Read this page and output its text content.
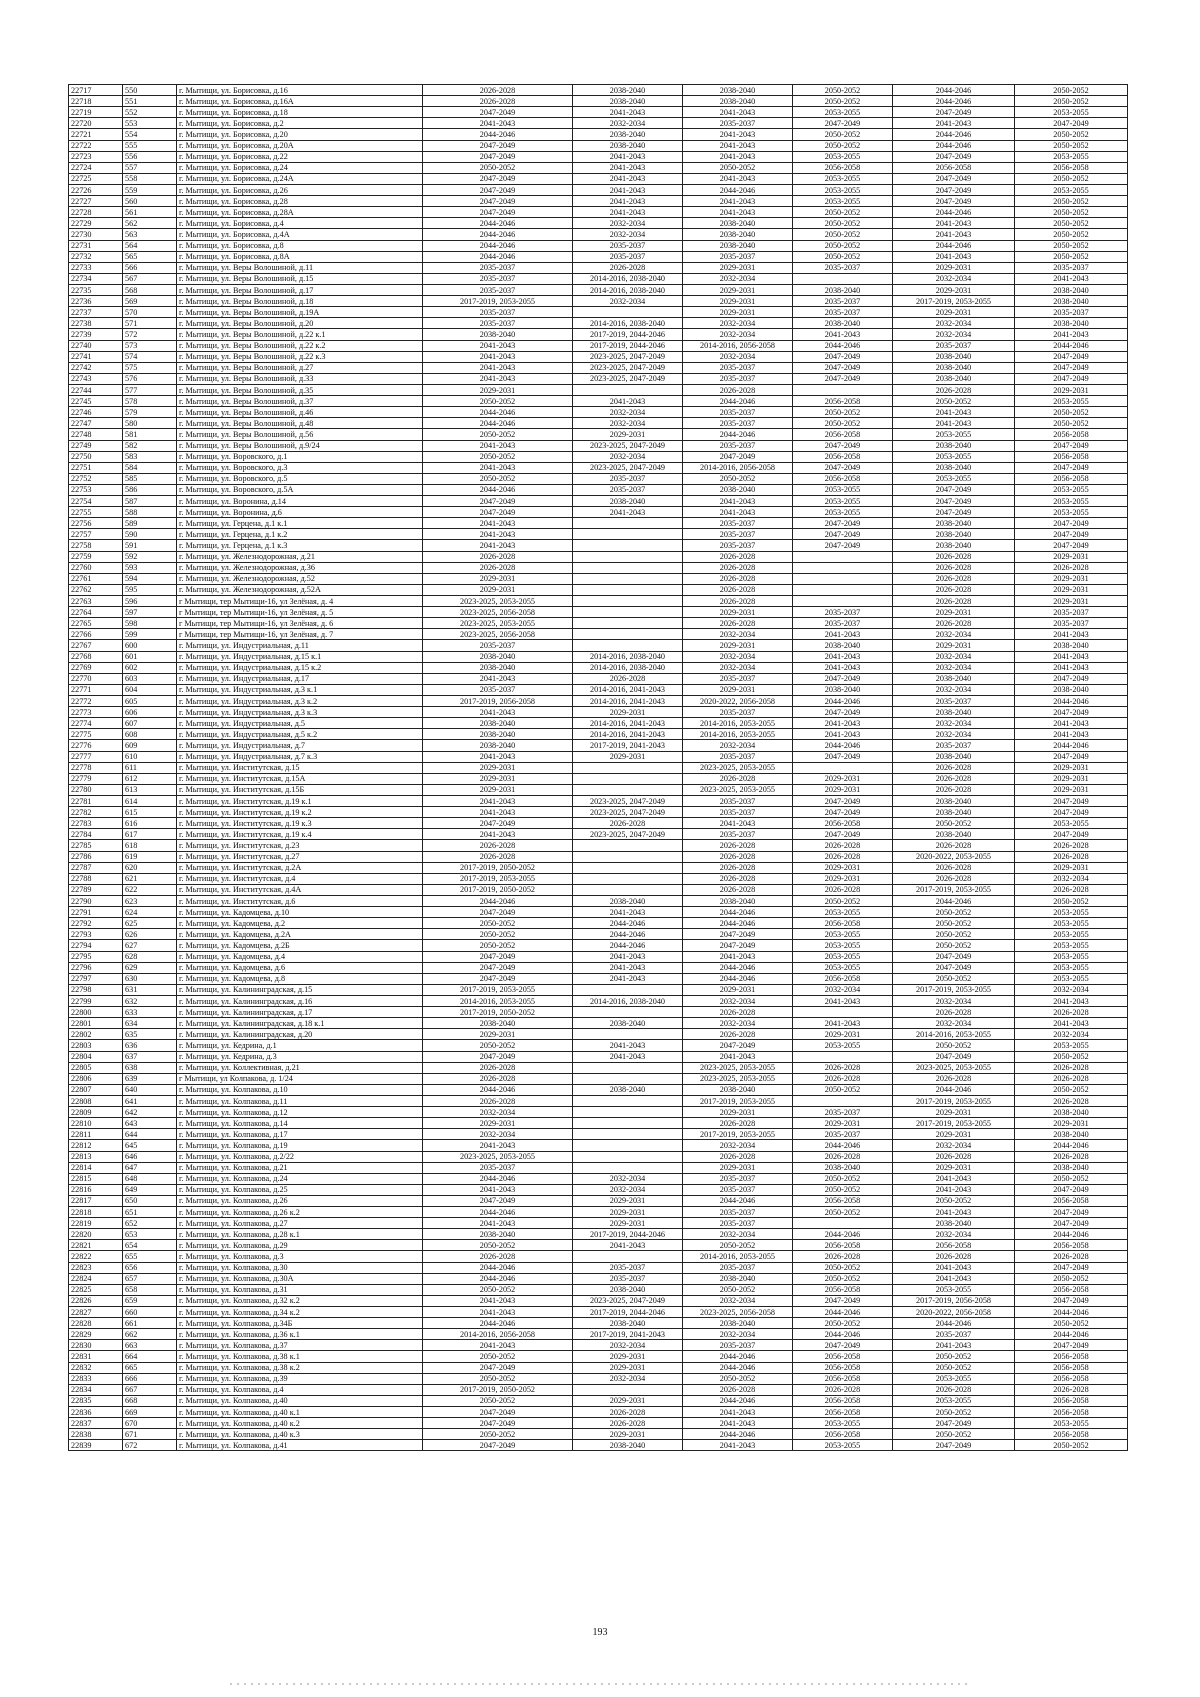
22717	550	г. Мытищи, ул. Борисовка, д.16	2026-2028	2038-2040	2038-2040	2050-2052	2044-2046	2050-2052
22718	551	г. Мытищи, ул. Борисовка, д.16А	2026-2028	2038-2040	2038-2040	2050-2052	2044-2046	2050-2052
22719	552	г. Мытищи, ул. Борисовка, д.18	2047-2049	2041-2043	2041-2043	2053-2055	2047-2049	2053-2055
22720	553	г. Мытищи, ул. Борисовка, д.2	2041-2043	2032-2034	2035-2037	2047-2049	2041-2043	2047-2049
22721	554	г. Мытищи, ул. Борисовка, д.20	2044-2046	2038-2040	2041-2043	2050-2052	2044-2046	2050-2052
22722	555	г. Мытищи, ул. Борисовка, д.20А	2047-2049	2038-2040	2041-2043	2050-2052	2044-2046	2050-2052
22723	556	г. Мытищи, ул. Борисовка, д.22	2047-2049	2041-2043	2041-2043	2053-2055	2047-2049	2053-2055
22724	557	г. Мытищи, ул. Борисовка, д.24	2050-2052	2041-2043	2050-2052	2056-2058	2056-2058	2056-2058
22725	558	г. Мытищи, ул. Борисовка, д.24А	2047-2049	2041-2043	2041-2043	2053-2055	2047-2049	2050-2052
22726	559	г. Мытищи, ул. Борисовка, д.26	2047-2049	2041-2043	2044-2046	2053-2055	2047-2049	2053-2055
22727	560	г. Мытищи, ул. Борисовка, д.28	2047-2049	2041-2043	2041-2043	2053-2055	2047-2049	2050-2052
22728	561	г. Мытищи, ул. Борисовка, д.28А	2047-2049	2041-2043	2041-2043	2050-2052	2044-2046	2050-2052
22729	562	г. Мытищи, ул. Борисовка, д.4	2044-2046	2032-2034	2038-2040	2050-2052	2041-2043	2050-2052
22730	563	г. Мытищи, ул. Борисовка, д.4А	2044-2046	2032-2034	2038-2040	2050-2052	2041-2043	2050-2052
22731	564	г. Мытищи, ул. Борисовка, д.8	2044-2046	2035-2037	2038-2040	2050-2052	2044-2046	2050-2052
22732	565	г. Мытищи, ул. Борисовка, д.8А	2044-2046	2035-2037	2035-2037	2050-2052	2041-2043	2050-2052
22733	566	г. Мытищи, ул. Веры Волошиной, д.11	2035-2037	2026-2028	2029-2031	2035-2037	2029-2031	2035-2037
22734	567	г. Мытищи, ул. Веры Волошиной, д.15	2035-2037	2014-2016, 2038-2040	2032-2034		2032-2034	2041-2043
22735	568	г. Мытищи, ул. Веры Волошиной, д.17	2035-2037	2014-2016, 2038-2040	2029-2031	2038-2040	2029-2031	2038-2040
22736	569	г. Мытищи, ул. Веры Волошиной, д.18	2017-2019, 2053-2055	2032-2034	2029-2031	2035-2037	2017-2019, 2053-2055	2038-2040
22737	570	г. Мытищи, ул. Веры Волошиной, д.19А	2035-2037		2029-2031	2035-2037	2029-2031	2035-2037
22738	571	г. Мытищи, ул. Веры Волошиной, д.20	2035-2037	2014-2016, 2038-2040	2032-2034	2038-2040	2032-2034	2038-2040
22739	572	г. Мытищи, ул. Веры Волошиной, д.22 к.1	2038-2040	2017-2019, 2044-2046	2032-2034	2041-2043	2032-2034	2041-2043
22740	573	г. Мытищи, ул. Веры Волошиной, д.22 к.2	2041-2043	2017-2019, 2044-2046	2014-2016, 2056-2058	2044-2046	2035-2037	2044-2046
22741	574	г. Мытищи, ул. Веры Волошиной, д.22 к.3	2041-2043	2023-2025, 2047-2049	2032-2034	2047-2049	2038-2040	2047-2049
22742	575	г. Мытищи, ул. Веры Волошиной, д.27	2041-2043	2023-2025, 2047-2049	2035-2037	2047-2049	2038-2040	2047-2049
22743	576	г. Мытищи, ул. Веры Волошиной, д.33	2041-2043	2023-2025, 2047-2049	2035-2037	2047-2049	2038-2040	2047-2049
22744	577	г. Мытищи, ул. Веры Волошиной, д.35	2029-2031		2026-2028		2026-2028	2029-2031
22745	578	г. Мытищи, ул. Веры Волошиной, д.37	2050-2052	2041-2043	2044-2046	2056-2058	2050-2052	2053-2055
22746	579	г. Мытищи, ул. Веры Волошиной, д.46	2044-2046	2032-2034	2035-2037	2050-2052	2041-2043	2050-2052
22747	580	г. Мытищи, ул. Веры Волошиной, д.48	2044-2046	2032-2034	2035-2037	2050-2052	2041-2043	2050-2052
22748	581	г. Мытищи, ул. Веры Волошиной, д.56	2050-2052	2029-2031	2044-2046	2056-2058	2053-2055	2056-2058
22749	582	г. Мытищи, ул. Веры Волошиной, д.9/24	2041-2043	2023-2025, 2047-2049	2035-2037	2047-2049	2038-2040	2047-2049
22750	583	г. Мытищи, ул. Воровского, д.1	2050-2052	2032-2034	2047-2049	2056-2058	2053-2055	2056-2058
22751	584	г. Мытищи, ул. Воровского, д.3	2041-2043	2023-2025, 2047-2049	2014-2016, 2056-2058	2047-2049	2038-2040	2047-2049
22752	585	г. Мытищи, ул. Воровского, д.5	2050-2052	2035-2037	2050-2052	2056-2058	2053-2055	2056-2058
22753	586	г. Мытищи, ул. Воровского, д.5А	2044-2046	2035-2037	2038-2040	2053-2055	2047-2049	2053-2055
22754	587	г. Мытищи, ул. Воронина, д.14	2047-2049	2038-2040	2041-2043	2053-2055	2047-2049	2053-2055
22755	588	г. Мытищи, ул. Воронина, д.6	2047-2049	2041-2043	2041-2043	2053-2055	2047-2049	2053-2055
22756	589	г. Мытищи, ул. Герцена, д.1 к.1	2041-2043		2035-2037	2047-2049	2038-2040	2047-2049
22757	590	г. Мытищи, ул. Герцена, д.1 к.2	2041-2043		2035-2037	2047-2049	2038-2040	2047-2049
22758	591	г. Мытищи, ул. Герцена, д.1 к.3	2041-2043		2035-2037	2047-2049	2038-2040	2047-2049
22759	592	г. Мытищи, ул. Железнодорожная, д.21	2026-2028		2026-2028		2026-2028	2029-2031
22760	593	г. Мытищи, ул. Железнодорожная, д.36	2026-2028		2026-2028		2026-2028	2026-2028
22761	594	г. Мытищи, ул. Железнодорожная, д.52	2029-2031		2026-2028		2026-2028	2029-2031
22762	595	г. Мытищи, ул. Железнодорожная, д.52А	2029-2031		2026-2028		2026-2028	2029-2031
22763	596	г Мытищи, тер Мытищи-16, ул Зелёная, д. 4	2023-2025, 2053-2055		2026-2028		2026-2028	2029-2031
22764	597	г Мытищи, тер Мытищи-16, ул Зелёная, д. 5	2023-2025, 2056-2058		2029-2031	2035-2037	2029-2031	2035-2037
22765	598	г Мытищи, тер Мытищи-16, ул Зелёная, д. 6	2023-2025, 2053-2055		2026-2028	2035-2037	2026-2028	2035-2037
22766	599	г Мытищи, тер Мытищи-16, ул Зелёная, д. 7	2023-2025, 2056-2058		2032-2034	2041-2043	2032-2034	2041-2043
22767	600	г. Мытищи, ул. Индустриальная, д.11	2035-2037		2029-2031	2038-2040	2029-2031	2038-2040
22768	601	г. Мытищи, ул. Индустриальная, д.15 к.1	2038-2040	2014-2016, 2038-2040	2032-2034	2041-2043	2032-2034	2041-2043
22769	602	г. Мытищи, ул. Индустриальная, д.15 к.2	2038-2040	2014-2016, 2038-2040	2032-2034	2041-2043	2032-2034	2041-2043
22770	603	г. Мытищи, ул. Индустриальная, д.17	2041-2043	2026-2028	2035-2037	2047-2049	2038-2040	2047-2049
22771	604	г. Мытищи, ул. Индустриальная, д.3 к.1	2035-2037	2014-2016, 2041-2043	2029-2031	2038-2040	2032-2034	2038-2040
22772	605	г. Мытищи, ул. Индустриальная, д.3 к.2	2017-2019, 2056-2058	2014-2016, 2041-2043	2020-2022, 2056-2058	2044-2046	2035-2037	2044-2046
22773	606	г. Мытищи, ул. Индустриальная, д.3 к.3	2041-2043	2029-2031	2035-2037	2047-2049	2038-2040	2047-2049
22774	607	г. Мытищи, ул. Индустриальная, д.5	2038-2040	2014-2016, 2041-2043	2014-2016, 2053-2055	2041-2043	2032-2034	2041-2043
22775	608	г. Мытищи, ул. Индустриальная, д.5 к.2	2038-2040	2014-2016, 2041-2043	2014-2016, 2053-2055	2041-2043	2032-2034	2041-2043
22776	609	г. Мытищи, ул. Индустриальная, д.7	2038-2040	2017-2019, 2041-2043	2032-2034	2044-2046	2035-2037	2044-2046
22777	610	г. Мытищи, ул. Индустриальная, д.7 к.3	2041-2043	2029-2031	2035-2037	2047-2049	2038-2040	2047-2049
22778	611	г. Мытищи, ул. Институтская, д.15	2029-2031		2023-2025, 2053-2055		2026-2028	2029-2031
22779	612	г. Мытищи, ул. Институтская, д.15А	2029-2031		2026-2028	2029-2031	2026-2028	2029-2031
22780	613	г. Мытищи, ул. Институтская, д.15Б	2029-2031		2023-2025, 2053-2055	2029-2031	2026-2028	2029-2031
22781	614	г. Мытищи, ул. Институтская, д.19 к.1	2041-2043	2023-2025, 2047-2049	2035-2037	2047-2049	2038-2040	2047-2049
22782	615	г. Мытищи, ул. Институтская, д.19 к.2	2041-2043	2023-2025, 2047-2049	2035-2037	2047-2049	2038-2040	2047-2049
22783	616	г. Мытищи, ул. Институтская, д.19 к.3	2047-2049	2026-2028	2041-2043	2056-2058	2050-2052	2053-2055
22784	617	г. Мытищи, ул. Институтская, д.19 к.4	2041-2043	2023-2025, 2047-2049	2035-2037	2047-2049	2038-2040	2047-2049
22785	618	г. Мытищи, ул. Институтская, д.23	2026-2028		2026-2028	2026-2028	2026-2028	2026-2028
22786	619	г. Мытищи, ул. Институтская, д.27	2026-2028		2026-2028	2026-2028	2020-2022, 2053-2055	2026-2028
22787	620	г. Мытищи, ул. Институтская, д.2А	2017-2019, 2050-2052		2026-2028	2029-2031	2026-2028	2029-2031
22788	621	г. Мытищи, ул. Институтская, д.4	2017-2019, 2053-2055		2026-2028	2029-2031	2026-2028	2032-2034
22789	622	г. Мытищи, ул. Институтская, д.4А	2017-2019, 2050-2052		2026-2028	2026-2028	2017-2019, 2053-2055	2026-2028
22790	623	г. Мытищи, ул. Институтская, д.6	2044-2046	2038-2040	2038-2040	2050-2052	2044-2046	2050-2052
22791	624	г. Мытищи, ул. Кадомцева, д.10	2047-2049	2041-2043	2044-2046	2053-2055	2050-2052	2053-2055
22792	625	г. Мытищи, ул. Кадомцева, д.2	2050-2052	2044-2046	2044-2046	2056-2058	2050-2052	2053-2055
22793	626	г. Мытищи, ул. Кадомцева, д.2А	2050-2052	2044-2046	2047-2049	2053-2055	2050-2052	2053-2055
22794	627	г. Мытищи, ул. Кадомцева, д.2Б	2050-2052	2044-2046	2047-2049	2053-2055	2050-2052	2053-2055
22795	628	г. Мытищи, ул. Кадомцева, д.4	2047-2049	2041-2043	2041-2043	2053-2055	2047-2049	2053-2055
22796	629	г. Мытищи, ул. Кадомцева, д.6	2047-2049	2041-2043	2044-2046	2053-2055	2047-2049	2053-2055
22797	630	г. Мытищи, ул. Кадомцева, д.8	2047-2049	2041-2043	2044-2046	2056-2058	2050-2052	2053-2055
22798	631	г. Мытищи, ул. Калининградская, д.15	2017-2019, 2053-2055		2029-2031	2032-2034	2017-2019, 2053-2055	2032-2034
22799	632	г. Мытищи, ул. Калининградская, д.16	2014-2016, 2053-2055	2014-2016, 2038-2040	2032-2034	2041-2043	2032-2034	2041-2043
22800	633	г. Мытищи, ул. Калининградская, д.17	2017-2019, 2050-2052		2026-2028		2026-2028	2026-2028
22801	634	г. Мытищи, ул. Калининградская, д.18 к.1	2038-2040	2038-2040	2032-2034	2041-2043	2032-2034	2041-2043
22802	635	г. Мытищи, ул. Калининградская, д.20	2029-2031		2026-2028	2029-2031	2014-2016, 2053-2055	2032-2034
22803	636	г. Мытищи, ул. Кедрина, д.1	2050-2052	2041-2043	2047-2049	2053-2055	2050-2052	2053-2055
22804	637	г. Мытищи, ул. Кедрина, д.3	2047-2049	2041-2043	2041-2043		2047-2049	2050-2052
22805	638	г. Мытищи, ул. Коллективная, д.21	2026-2028		2023-2025, 2053-2055	2026-2028	2023-2025, 2053-2055	2026-2028
22806	639	г Мытищи, ул Колпакова, д. 1/24	2026-2028		2023-2025, 2053-2055	2026-2028	2026-2028	2026-2028
22807	640	г. Мытищи, ул. Колпакова, д.10	2044-2046	2038-2040	2038-2040	2050-2052	2044-2046	2050-2052
22808	641	г. Мытищи, ул. Колпакова, д.11	2026-2028		2017-2019, 2053-2055		2017-2019, 2053-2055	2026-2028
22809	642	г. Мытищи, ул. Колпакова, д.12	2032-2034		2029-2031	2035-2037	2029-2031	2038-2040
22810	643	г. Мытищи, ул. Колпакова, д.14	2029-2031		2026-2028	2029-2031	2017-2019, 2053-2055	2029-2031
22811	644	г. Мытищи, ул. Колпакова, д.17	2032-2034		2017-2019, 2053-2055	2035-2037	2029-2031	2038-2040
22812	645	г. Мытищи, ул. Колпакова, д.19	2041-2043		2032-2034	2044-2046	2032-2034	2044-2046
22813	646	г. Мытищи, ул. Колпакова, д.2/22	2023-2025, 2053-2055		2026-2028	2026-2028	2026-2028	2026-2028
22814	647	г. Мытищи, ул. Колпакова, д.21	2035-2037		2029-2031	2038-2040	2029-2031	2038-2040
22815	648	г. Мытищи, ул. Колпакова, д.24	2044-2046	2032-2034	2035-2037	2050-2052	2041-2043	2050-2052
22816	649	г. Мытищи, ул. Колпакова, д.25	2041-2043	2032-2034	2035-2037	2050-2052	2041-2043	2047-2049
22817	650	г. Мытищи, ул. Колпакова, д.26	2047-2049	2029-2031	2044-2046	2056-2058	2050-2052	2056-2058
22818	651	г. Мытищи, ул. Колпакова, д.26 к.2	2044-2046	2029-2031	2035-2037	2050-2052	2041-2043	2047-2049
22819	652	г. Мытищи, ул. Колпакова, д.27	2041-2043	2029-2031	2035-2037		2038-2040	2047-2049
22820	653	г. Мытищи, ул. Колпакова, д.28 к.1	2038-2040	2017-2019, 2044-2046	2032-2034	2044-2046	2032-2034	2044-2046
22821	654	г. Мытищи, ул. Колпакова, д.29	2050-2052	2041-2043	2050-2052	2056-2058	2056-2058	2056-2058
22822	655	г. Мытищи, ул. Колпакова, д.3	2026-2028		2014-2016, 2053-2055	2026-2028	2026-2028	2026-2028
22823	656	г. Мытищи, ул. Колпакова, д.30	2044-2046	2035-2037	2035-2037	2050-2052	2041-2043	2047-2049
22824	657	г. Мытищи, ул. Колпакова, д.30А	2044-2046	2035-2037	2038-2040	2050-2052	2041-2043	2050-2052
22825	658	г. Мытищи, ул. Колпакова, д.31	2050-2052	2038-2040	2050-2052	2056-2058	2053-2055	2056-2058
22826	659	г. Мытищи, ул. Колпакова, д.32 к.2	2041-2043	2023-2025, 2047-2049	2032-2034	2047-2049	2017-2019, 2056-2058	2047-2049
22827	660	г. Мытищи, ул. Колпакова, д.34 к.2	2041-2043	2017-2019, 2044-2046	2023-2025, 2056-2058	2044-2046	2020-2022, 2056-2058	2044-2046
22828	661	г. Мытищи, ул. Колпакова, д.34Б	2044-2046	2038-2040	2038-2040	2050-2052	2044-2046	2050-2052
22829	662	г. Мытищи, ул. Колпакова, д.36 к.1	2014-2016, 2056-2058	2017-2019, 2041-2043	2032-2034	2044-2046	2035-2037	2044-2046
22830	663	г. Мытищи, ул. Колпакова, д.37	2041-2043	2032-2034	2035-2037	2047-2049	2041-2043	2047-2049
22831	664	г. Мытищи, ул. Колпакова, д.38 к.1	2050-2052	2029-2031	2044-2046	2056-2058	2050-2052	2056-2058
22832	665	г. Мытищи, ул. Колпакова, д.38 к.2	2047-2049	2029-2031	2044-2046	2056-2058	2050-2052	2056-2058
22833	666	г. Мытищи, ул. Колпакова, д.39	2050-2052	2032-2034	2050-2052	2056-2058	2053-2055	2056-2058
22834	667	г. Мытищи, ул. Колпакова, д.4	2017-2019, 2050-2052		2026-2028	2026-2028	2026-2028	2026-2028
22835	668	г. Мытищи, ул. Колпакова, д.40	2050-2052	2029-2031	2044-2046	2056-2058	2053-2055	2056-2058
22836	669	г. Мытищи, ул. Колпакова, д.40 к.1	2047-2049	2026-2028	2041-2043	2056-2058	2050-2052	2056-2058
22837	670	г. Мытищи, ул. Колпакова, д.40 к.2	2047-2049	2026-2028	2041-2043	2053-2055	2047-2049	2053-2055
22838	671	г. Мытищи, ул. Колпакова, д.40 к.3	2050-2052	2029-2031	2044-2046	2056-2058	2050-2052	2056-2058
22839	672	г. Мытищи, ул. Колпакова, д.41	2047-2049	2038-2040	2041-2043	2053-2055	2047-2049	2050-2052
193
